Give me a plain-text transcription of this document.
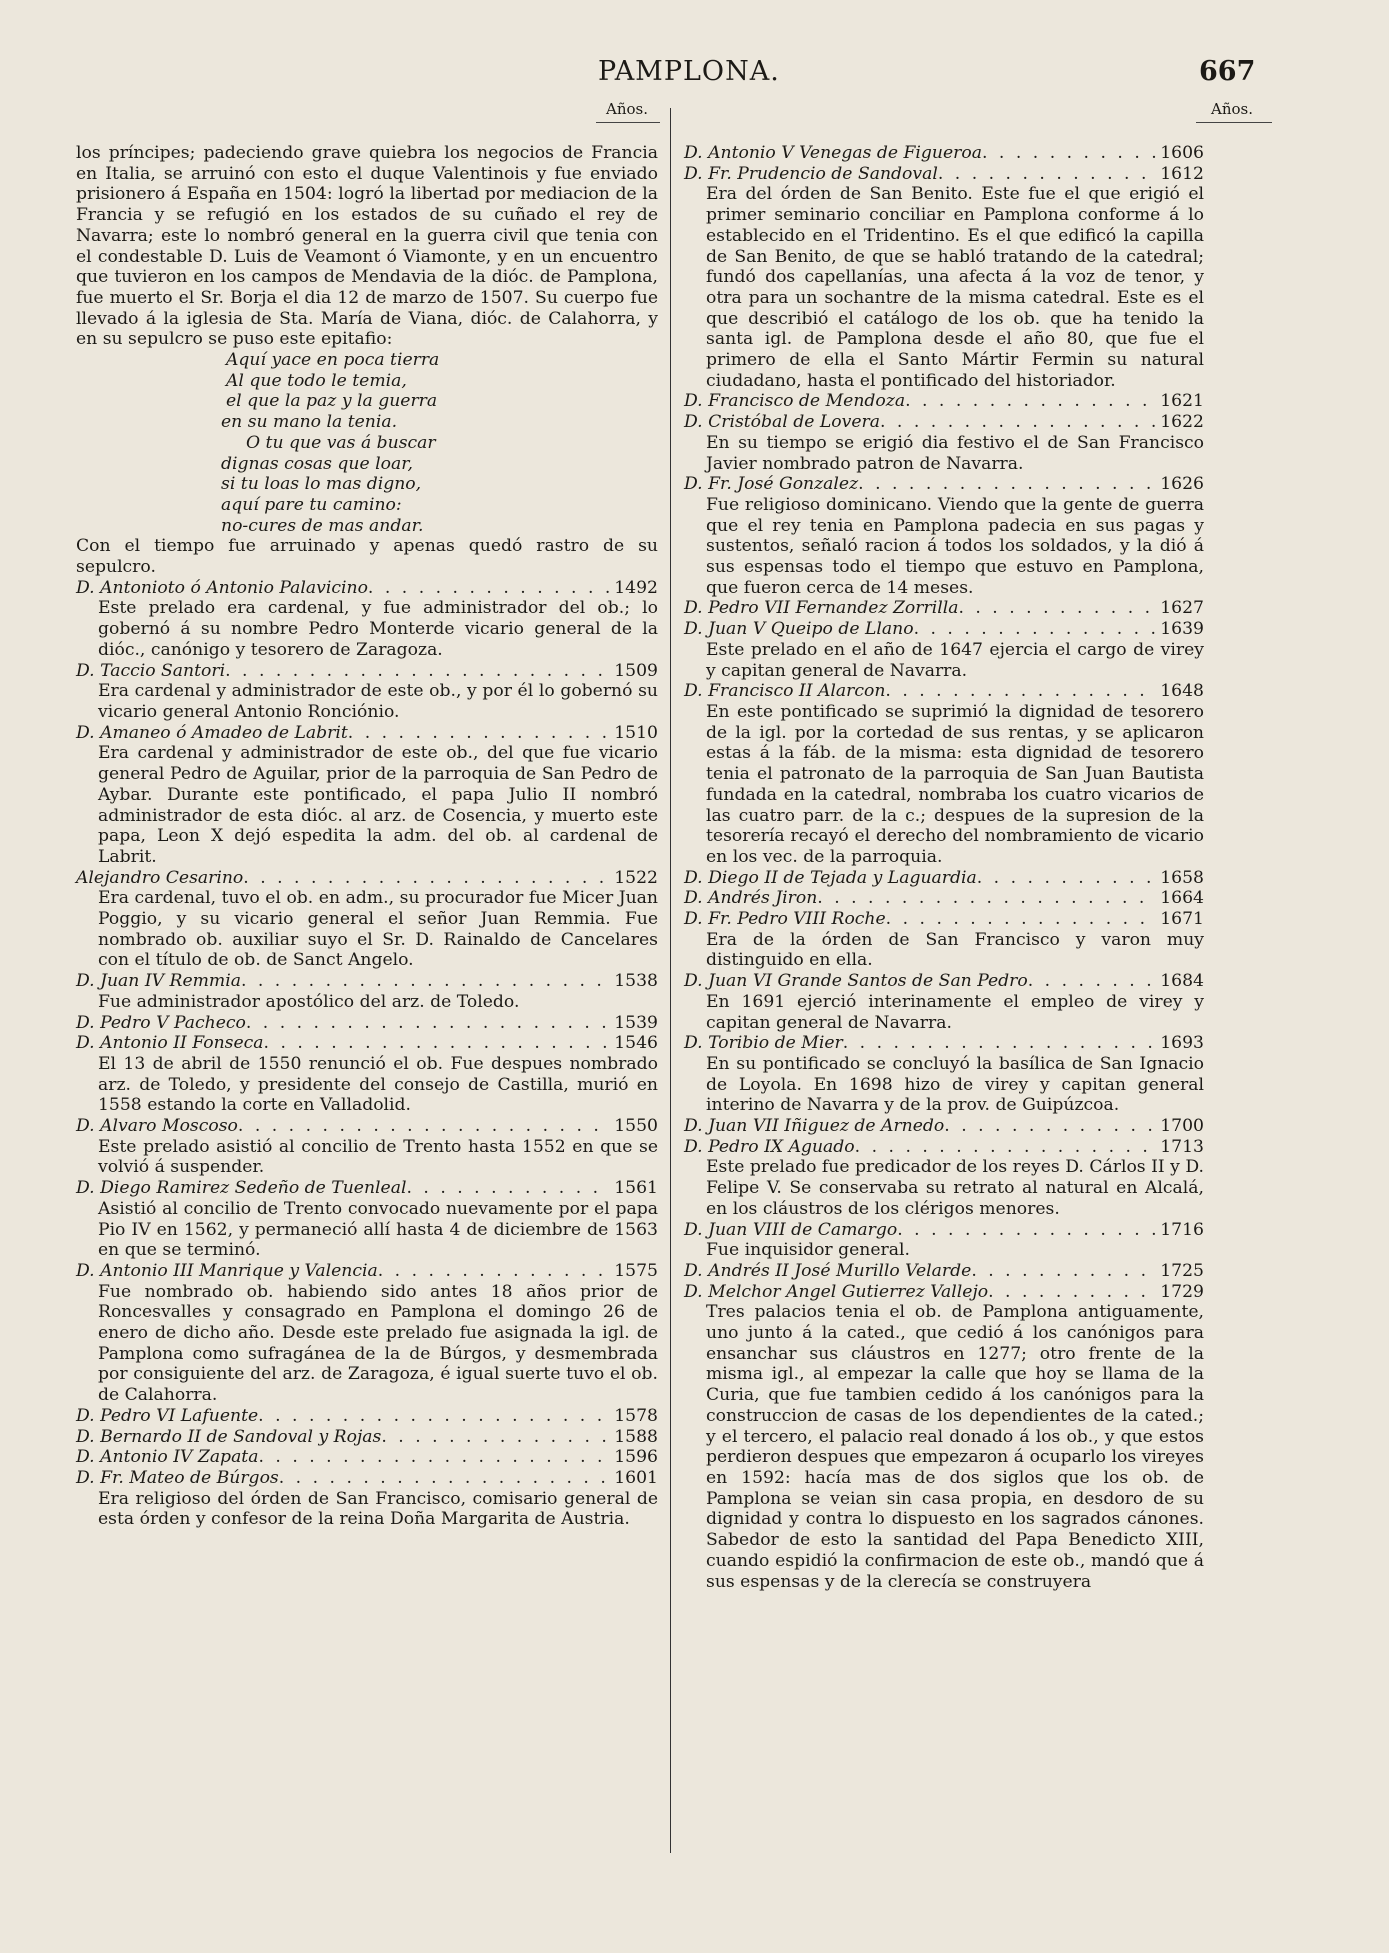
PAMPLONA.	667
Años.	Años.
los príncipes; padeciendo grave quiebra los negocios de Francia en Italia, se arruinó con esto el duque Valentinois y fue enviado prisionero á España en 1504: logró la libertad por mediacion de la Francia y se refugió en los estados de su cuñado el rey de Navarra; este lo nombró general en la guerra civil que tenia con el condestable D. Luis de Veamont ó Viamonte, y en un encuentro que tuvieron en los campos de Mendavia de la dióc. de Pamplona, fue muerto el Sr. Borja el dia 12 de marzo de 1507. Su cuerpo fue llevado á la iglesia de Sta. María de Viana, dióc. de Calahorra, y en su sepulcro se puso este epitafio:
Aquí yace en poca tierra
Al que todo le temia,
el que la paz y la guerra
en su mano la tenia.
O tu que vas á buscar
dignas cosas que loar,
si tu loas lo mas digno,
aquí pare tu camino:
no-cures de mas andar.
Con el tiempo fue arruinado y apenas quedó rastro de su sepulcro.
D. Antonioto ó Antonio Palavicino . . .	1492
Este prelado era cardenal, y fue administrador del ob.; lo gobernó á su nombre Pedro Monterde vicario general de la dióc., canónigo y tesorero de Zaragoza.
D. Taccio Santori . . .	1509
Era cardenal y administrador de este ob., y por él lo gobernó su vicario general Antonio Ronciónio.
D. Amaneo ó Amadeo de Labrit . . .	1510
Era cardenal y administrador de este ob., del que fue vicario general Pedro de Aguilar, prior de la parroquia de San Pedro de Aybar. Durante este pontificado, el papa Julio II nombró administrador de esta dióc. al arz. de Cosencia, y muerto este papa, Leon X dejó espedita la adm. del ob. al cardenal de Labrit.
Alejandro Cesarino . . .	1522
Era cardenal, tuvo el ob. en adm., su procurador fue Micer Juan Poggio, y su vicario general el señor Juan Remmia. Fue nombrado ob. auxiliar suyo el Sr. D. Rainaldo de Cancelares con el título de ob. de Sanct Angelo.
D. Juan IV Remmia . . .	1538
Fue administrador apostólico del arz. de Toledo.
D. Pedro V Pacheco . . .	1539
D. Antonio II Fonseca . . .	1546
El 13 de abril de 1550 renunció el ob. Fue despues nombrado arz. de Toledo, y presidente del consejo de Castilla, murió en 1558 estando la corte en Valladolid.
D. Alvaro Moscoso . . .	1550
Este prelado asistió al concilio de Trento hasta 1552 en que se volvió á suspender.
D. Diego Ramirez Sedeño de Tuenleal . . .	1561
Asistió al concilio de Trento convocado nuevamente por el papa Pio IV en 1562, y permaneció allí hasta 4 de diciembre de 1563 en que se terminó.
D. Antonio III Manrique y Valencia . . .	1575
Fue nombrado ob. habiendo sido antes 18 años prior de Roncesvalles y consagrado en Pamplona el domingo 26 de enero de dicho año. Desde este prelado fue asignada la igl. de Pamplona como sufragánea de la de Búrgos, y desmembrada por consiguiente del arz. de Zaragoza, é igual suerte tuvo el ob. de Calahorra.
D. Pedro VI Lafuente . . .	1578
D. Bernardo II de Sandoval y Rojas . . .	1588
D. Antonio IV Zapata . . .	1596
D. Fr. Mateo de Búrgos . . .	1601
Era religioso del órden de San Francisco, comisario general de esta órden y confesor de la reina Doña Margarita de Austria.
D. Antonio V Venegas de Figueroa . . .	1606
D. Fr. Prudencio de Sandoval . . .	1612
Era del órden de San Benito. Este fue el que erigió el primer seminario conciliar en Pamplona conforme á lo establecido en el Tridentino. Es el que edificó la capilla de San Benito, de que se habló tratando de la catedral; fundó dos capellanías, una afecta á la voz de tenor, y otra para un sochantre de la misma catedral. Este es el que describió el catálogo de los ob. que ha tenido la santa igl. de Pamplona desde el año 80, que fue el primero de ella el Santo Mártir Fermin su natural ciudadano, hasta el pontificado del historiador.
D. Francisco de Mendoza . . .	1621
D. Cristóbal de Lovera . . .	1622
En su tiempo se erigió dia festivo el de San Francisco Javier nombrado patron de Navarra.
D. Fr. José Gonzalez . . .	1626
Fue religioso dominicano. Viendo que la gente de guerra que el rey tenia en Pamplona padecia en sus pagas y sustentos, señaló racion á todos los soldados, y la dió á sus espensas todo el tiempo que estuvo en Pamplona, que fueron cerca de 14 meses.
D. Pedro VII Fernandez Zorrilla . . .	1627
D. Juan V Queipo de Llano . . .	1639
Este prelado en el año de 1647 ejercia el cargo de virey y capitan general de Navarra.
D. Francisco II Alarcon . . .	1648
En este pontificado se suprimió la dignidad de tesorero de la igl. por la cortedad de sus rentas, y se aplicaron estas á la fáb. de la misma: esta dignidad de tesorero tenia el patronato de la parroquia de San Juan Bautista fundada en la catedral, nombraba los cuatro vicarios de las cuatro parr. de la c.; despues de la supresion de la tesorería recayó el derecho del nombramiento de vicario en los vec. de la parroquia.
D. Diego II de Tejada y Laguardia . . .	1658
D. Andrés Jiron . . .	1664
D. Fr. Pedro VIII Roche . . .	1671
Era de la órden de San Francisco y varon muy distinguido en ella.
D. Juan VI Grande Santos de San Pedro . . .	1684
En 1691 ejerció interinamente el empleo de virey y capitan general de Navarra.
D. Toribio de Mier . . .	1693
En su pontificado se concluyó la basílica de San Ignacio de Loyola. En 1698 hizo de virey y capitan general interino de Navarra y de la prov. de Guipúzcoa.
D. Juan VII Iñiguez de Arnedo . . .	1700
D. Pedro IX Aguado . . .	1713
Este prelado fue predicador de los reyes D. Cárlos II y D. Felipe V. Se conservaba su retrato al natural en Alcalá, en los cláustros de los clérigos menores.
D. Juan VIII de Camargo . . .	1716
Fue inquisidor general.
D. Andrés II José Murillo Velarde . . .	1725
D. Melchor Angel Gutierrez Vallejo . . .	1729
Tres palacios tenia el ob. de Pamplona antiguamente, uno junto á la cated., que cedió á los canónigos para ensanchar sus cláustros en 1277; otro frente de la misma igl., al empezar la calle que hoy se llama de la Curia, que fue tambien cedido á los canónigos para la construccion de casas de los dependientes de la cated.; y el tercero, el palacio real donado á los ob., y que estos perdieron despues que empezaron á ocuparlo los vireyes en 1592: hacía mas de dos siglos que los ob. de Pamplona se veian sin casa propia, en desdoro de su dignidad y contra lo dispuesto en los sagrados cánones. Sabedor de esto la santidad del Papa Benedicto XIII, cuando espidió la confirmacion de este ob., mandó que á sus espensas y de la clerecía se construyera
